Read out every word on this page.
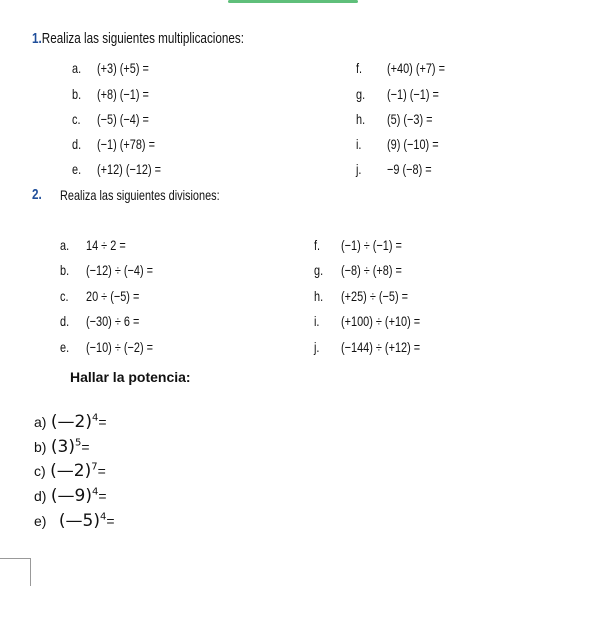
1.Realiza las siguientes multiplicaciones:
a. (+3) (+5) =
b. (+8) (−1) =
c. (−5) (−4) =
d. (−1) (+78) =
e. (+12) (−12) =
f. (+40) (+7) =
g. (−1) (−1) =
h. (5) (−3) =
i. (9) (−10) =
j. −9 (−8) =
2. Realiza las siguientes divisiones:
a. 14 ÷ 2 =
b. (−12) ÷ (−4) =
c. 20 ÷ (−5) =
d. (−30) ÷ 6 =
e. (−10) ÷ (−2) =
f. (−1) ÷ (−1) =
g. (−8) ÷ (+8) =
h. (+25) ÷ (−5) =
i. (+100) ÷ (+10) =
j. (−144) ÷ (+12) =
Hallar la potencia:
a) (—2)$^4$=
b) $(3)^5=$
c) (—2)$^7$=
d) (—9)$^4$=
e) (—5)$^4$=
